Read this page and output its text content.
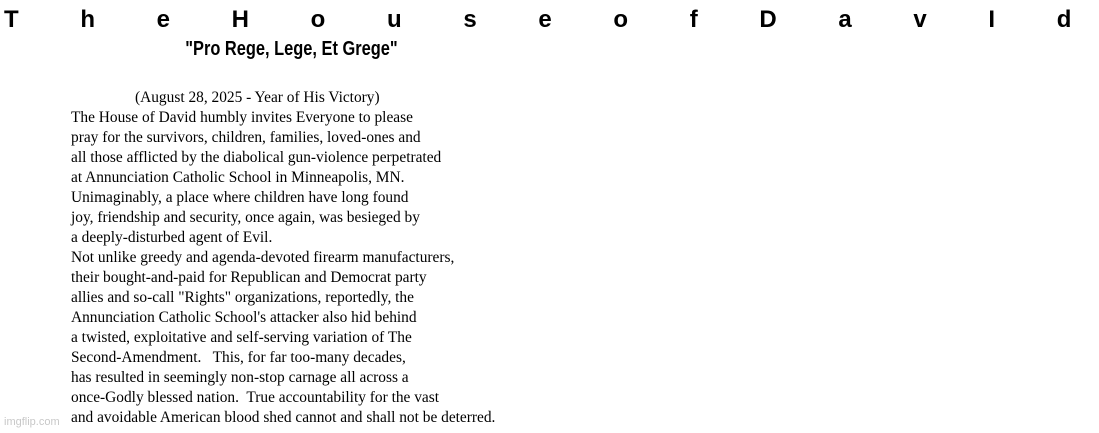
T h e H o u s e o f D a v I d
"Pro Rege, Lege, Et Grege"
(August 28, 2025 - Year of His Victory)
The House of David humbly invites Everyone to please
pray for the survivors, children, families, loved-ones and
all those afflicted by the diabolical gun-violence perpetrated
at Annunciation Catholic School in Minneapolis, MN.
Unimaginably, a place where children have long found
joy, friendship and security, once again, was besieged by
a deeply-disturbed agent of Evil.
Not unlike greedy and agenda-devoted firearm manufacturers,
their bought-and-paid for Republican and Democrat party
allies and so-call "Rights" organizations, reportedly, the
Annunciation Catholic School's attacker also hid behind
a twisted, exploitative and self-serving variation of The
Second-Amendment.   This, for far too-many decades,
has resulted in seemingly non-stop carnage all across a
once-Godly blessed nation.  True accountability for the vast
and avoidable American blood shed cannot and shall not be deterred.
imgflip.com
